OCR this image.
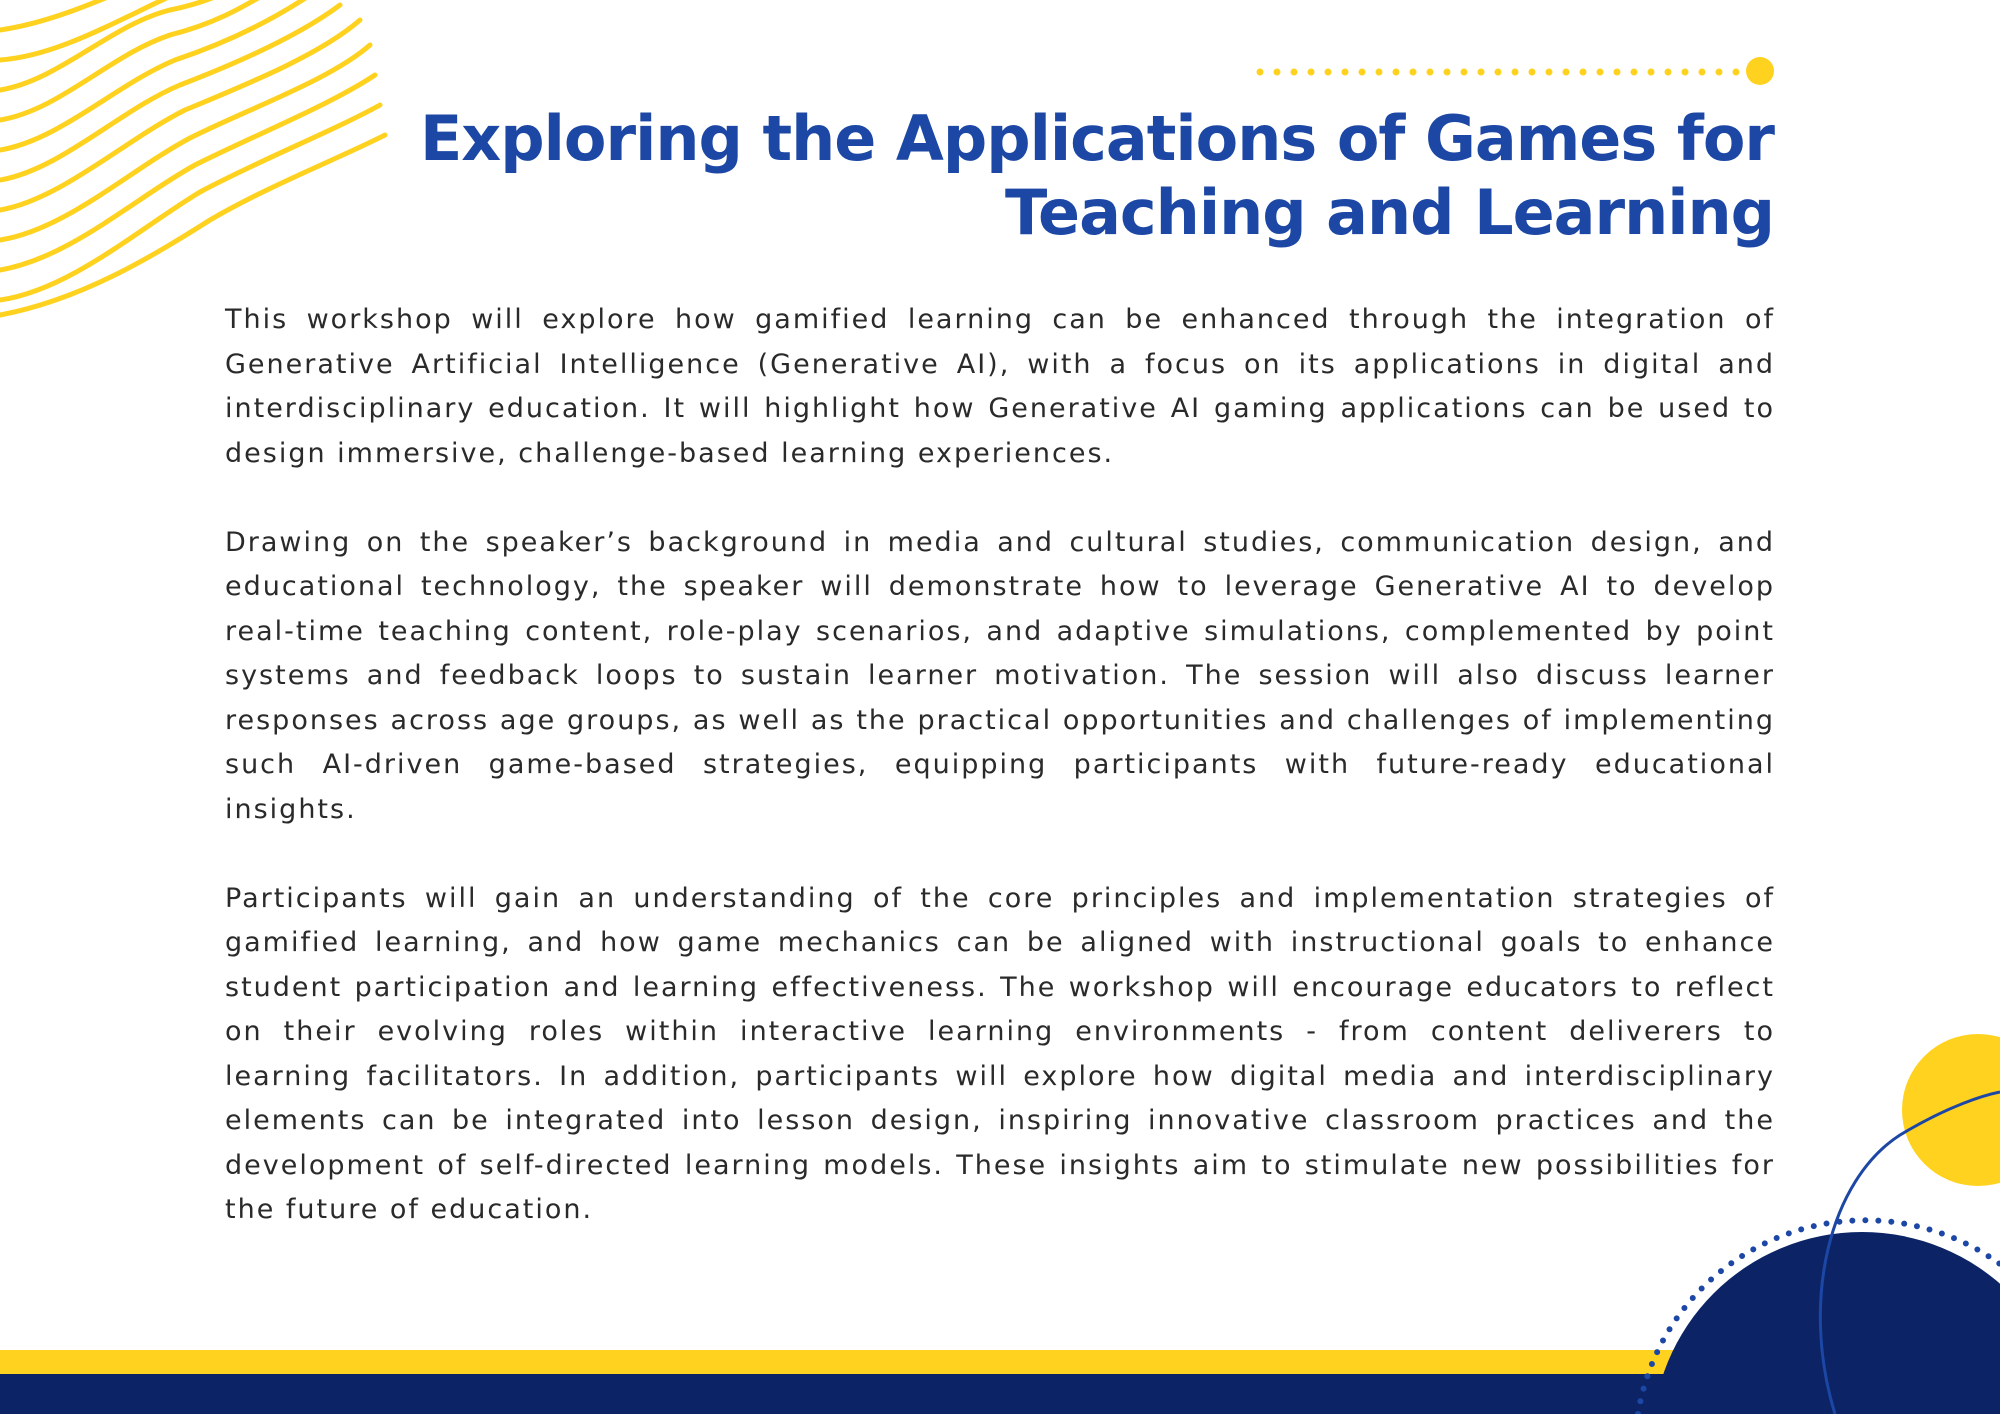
Exploring the Applications of Games for
Teaching and Learning

This workshop will explore how gamified learning can be enhanced through the integration of Generative Artificial Intelligence (Generative AI), with a focus on its applications in digital and interdisciplinary education. It will highlight how Generative AI gaming applications can be used to design immersive, challenge-based learning experiences.

Drawing on the speaker’s background in media and cultural studies, communication design, and educational technology, the speaker will demonstrate how to leverage Generative AI to develop real-time teaching content, role-play scenarios, and adaptive simulations, complemented by point systems and feedback loops to sustain learner motivation. The session will also discuss learner responses across age groups, as well as the practical opportunities and challenges of implementing such AI-driven game-based strategies, equipping participants with future-ready educational insights.

Participants will gain an understanding of the core principles and implementation strategies of gamified learning, and how game mechanics can be aligned with instructional goals to enhance student participation and learning effectiveness. The workshop will encourage educators to reflect on their evolving roles within interactive learning environments - from content deliverers to learning facilitators. In addition, participants will explore how digital media and interdisciplinary elements can be integrated into lesson design, inspiring innovative classroom practices and the development of self-directed learning models. These insights aim to stimulate new possibilities for the future of education.
